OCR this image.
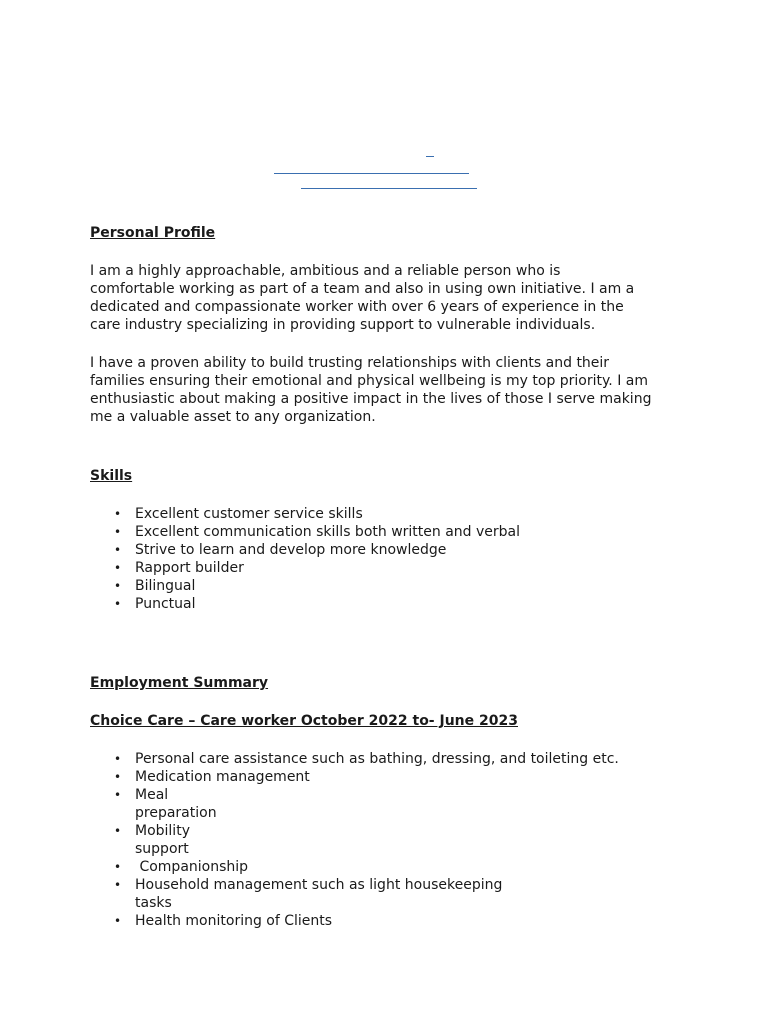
Personal Profile
I am a highly approachable, ambitious and a reliable person who is
comfortable working as part of a team and also in using own initiative. I am a
dedicated and compassionate worker with over 6 years of experience in the
care industry specializing in providing support to vulnerable individuals.
I have a proven ability to build trusting relationships with clients and their
families ensuring their emotional and physical wellbeing is my top priority. I am
enthusiastic about making a positive impact in the lives of those I serve making
me a valuable asset to any organization.
Skills
• Excellent customer service skills
• Excellent communication skills both written and verbal
• Strive to learn and develop more knowledge
• Rapport builder
• Bilingual
• Punctual
Employment Summary
Choice Care – Care worker October 2022 to- June 2023
• Personal care assistance such as bathing, dressing, and toileting etc.
• Medication management
• Meal
preparation
• Mobility
support
•  Companionship
• Household management such as light housekeeping
tasks
• Health monitoring of Clients
